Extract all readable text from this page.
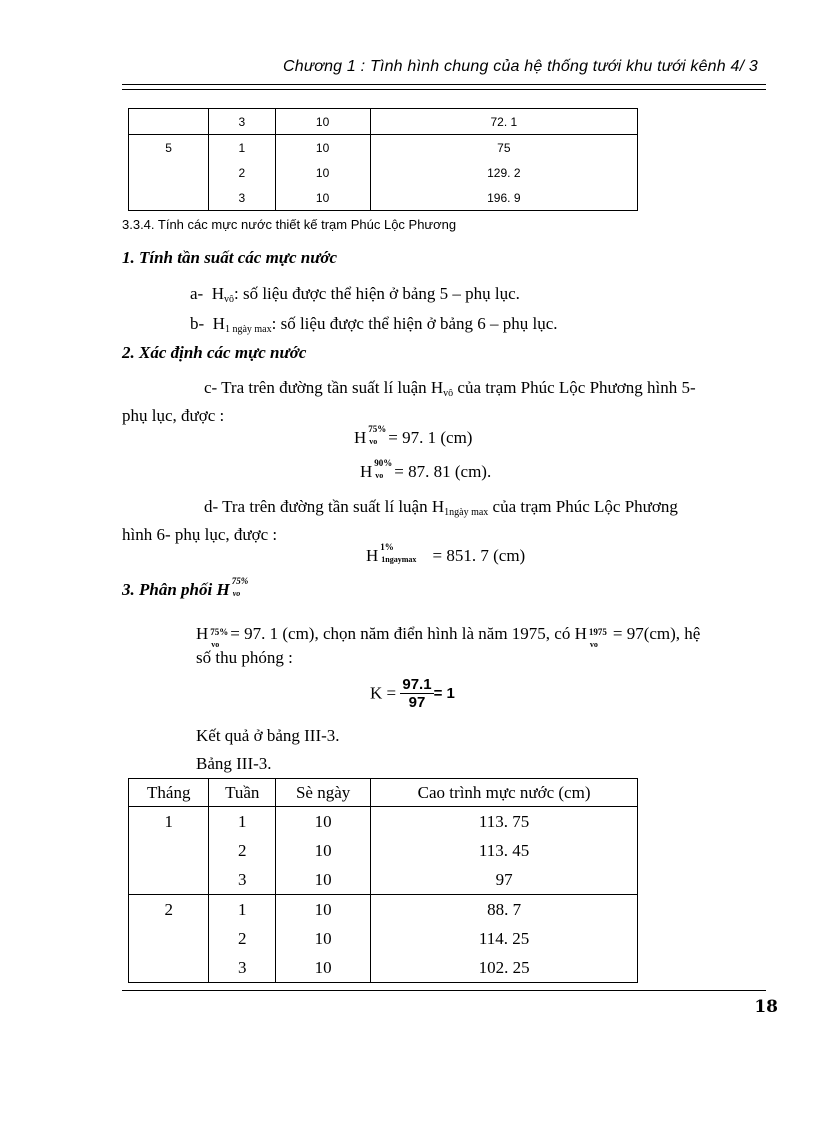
Chương 1 : Tình hình chung của hệ thống tưới khu tưới kênh 4/ 3
	3	10	72. 1
5	1	10	75
	2	10	129. 2
	3	10	196. 9
3.3.4. Tính các mực nước thiết kế trạm Phúc Lộc Phương
1. Tính tần suất các mực nước
a- $H_{vô}$: số liệu được thể hiện ở bảng 5 – phụ lục.
b- $H_{1 ngày max}$: số liệu được thể hiện ở bảng 6 – phụ lục.
2. Xác định các mực nước
c- Tra trên đường tần suất lí luận $H_{vô}$ của trạm Phúc Lộc Phương hình 5-
phụ lục, được :
H 75%
vo = 97. 1 (cm)
H 90%
vo = 87. 81 (cm).
d- Tra trên đường tần suất lí luận $H_{1ngày max}$ của trạm Phúc Lộc Phương
hình 6- phụ lục, được :
H 1%
1ngaymax = 851. 7 (cm)
3. Phân phối H 75%
vo
H 75%
vo
= 97. 1 (cm), chọn năm điển hình là năm 1975, có H 1975
vo
= 97(cm), hệ
số thu phóng :
$K = \frac{97.1}{97} = 1$
Kết quả ở bảng III-3.
Bảng III-3.
Tháng	Tuần	Sè ngày	Cao trình mực nước (cm)
1	1	10	113. 75
	2	10	113. 45
	3	10	97
2	1	10	88. 7
	2	10	114. 25
	3	10	102. 25
18
